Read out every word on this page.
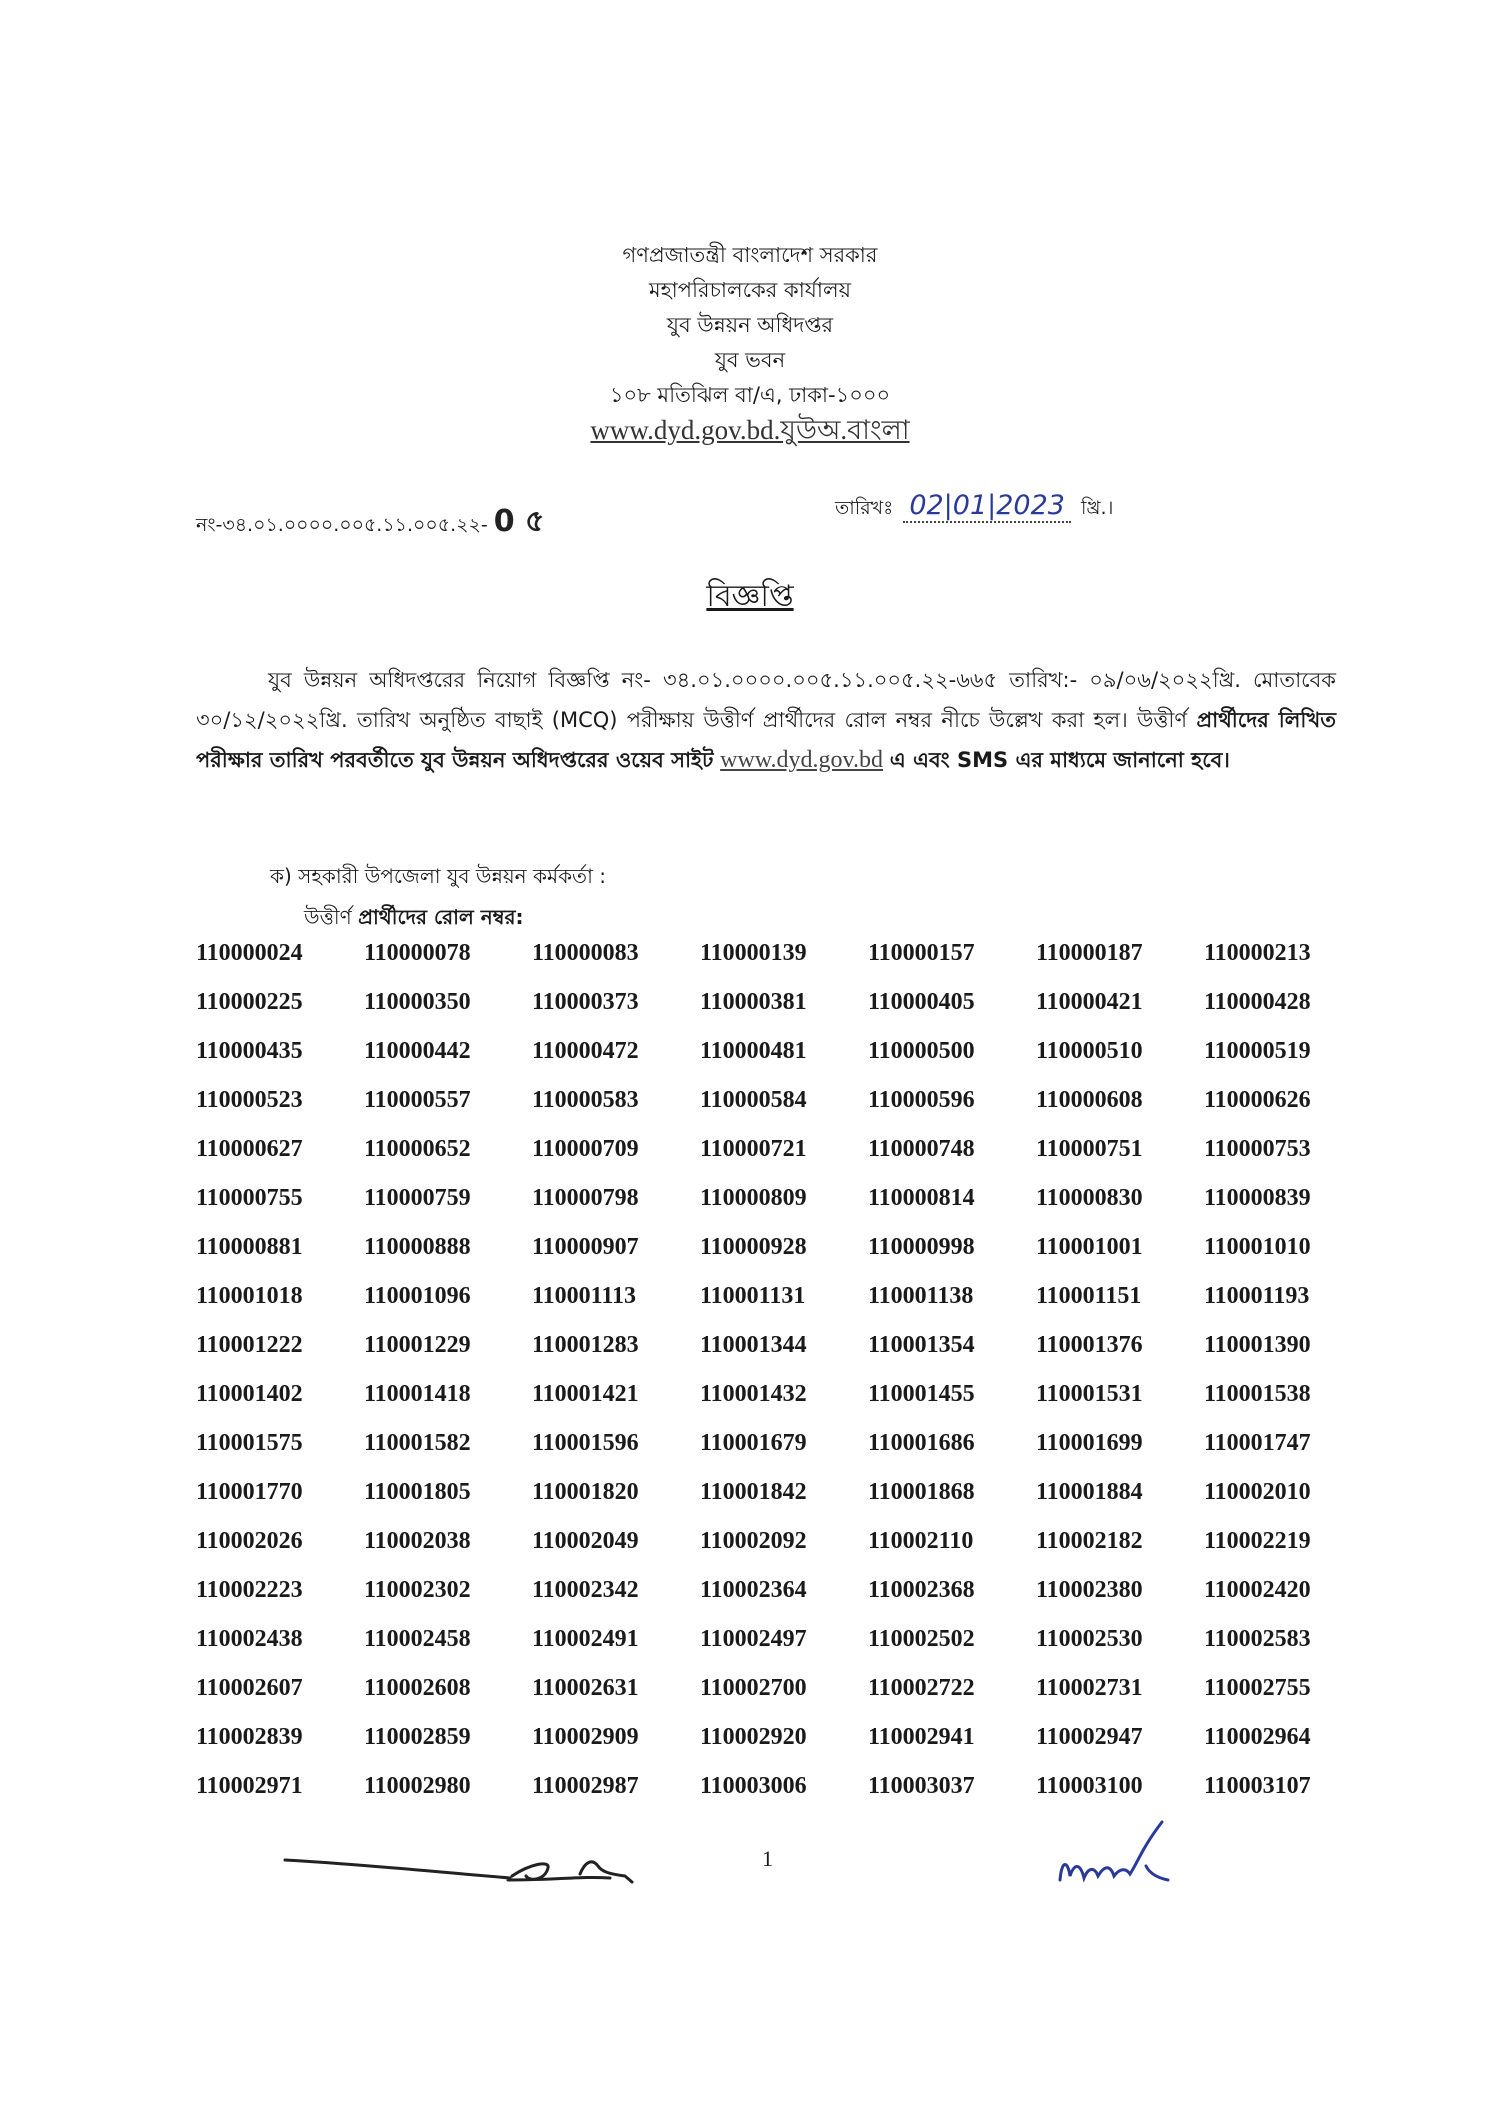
গণপ্রজাতন্ত্রী বাংলাদেশ সরকার
মহাপরিচালকের কার্যালয়
যুব উন্নয়ন অধিদপ্তর
যুব ভবন
১০৮ মতিঝিল বা/এ, ঢাকা-১০০০
www.dyd.gov.bd.যুউঅ.বাংলা
নং-৩৪.০১.০০০০.০০৫.১১.০০৫.২২- 0 ৫	তারিখঃ 02|01|2023 খ্রি.।
বিজ্ঞপ্তি
যুব উন্নয়ন অধিদপ্তরের নিয়োগ বিজ্ঞপ্তি নং- ৩৪.০১.০০০০.০০৫.১১.০০৫.২২-৬৬৫ তারিখ:- ০৯/০৬/২০২২খ্রি. মোতাবেক ৩০/১২/২০২২খ্রি. তারিখ অনুষ্ঠিত বাছাই (MCQ) পরীক্ষায় উত্তীর্ণ প্রার্থীদের রোল নম্বর নীচে উল্লেখ করা হল। উত্তীর্ণ প্রার্থীদের লিখিত পরীক্ষার তারিখ পরবর্তীতে যুব উন্নয়ন অধিদপ্তরের ওয়েব সাইট www.dyd.gov.bd এ এবং SMS এর মাধ্যমে জানানো হবে।
ক) সহকারী উপজেলা যুব উন্নয়ন কর্মকর্তা :
উত্তীর্ণ প্রার্থীদের রোল নম্বর:
110000024	110000078	110000083	110000139	110000157	110000187	110000213
110000225	110000350	110000373	110000381	110000405	110000421	110000428
110000435	110000442	110000472	110000481	110000500	110000510	110000519
110000523	110000557	110000583	110000584	110000596	110000608	110000626
110000627	110000652	110000709	110000721	110000748	110000751	110000753
110000755	110000759	110000798	110000809	110000814	110000830	110000839
110000881	110000888	110000907	110000928	110000998	110001001	110001010
110001018	110001096	110001113	110001131	110001138	110001151	110001193
110001222	110001229	110001283	110001344	110001354	110001376	110001390
110001402	110001418	110001421	110001432	110001455	110001531	110001538
110001575	110001582	110001596	110001679	110001686	110001699	110001747
110001770	110001805	110001820	110001842	110001868	110001884	110002010
110002026	110002038	110002049	110002092	110002110	110002182	110002219
110002223	110002302	110002342	110002364	110002368	110002380	110002420
110002438	110002458	110002491	110002497	110002502	110002530	110002583
110002607	110002608	110002631	110002700	110002722	110002731	110002755
110002839	110002859	110002909	110002920	110002941	110002947	110002964
110002971	110002980	110002987	110003006	110003037	110003100	110003107
1
